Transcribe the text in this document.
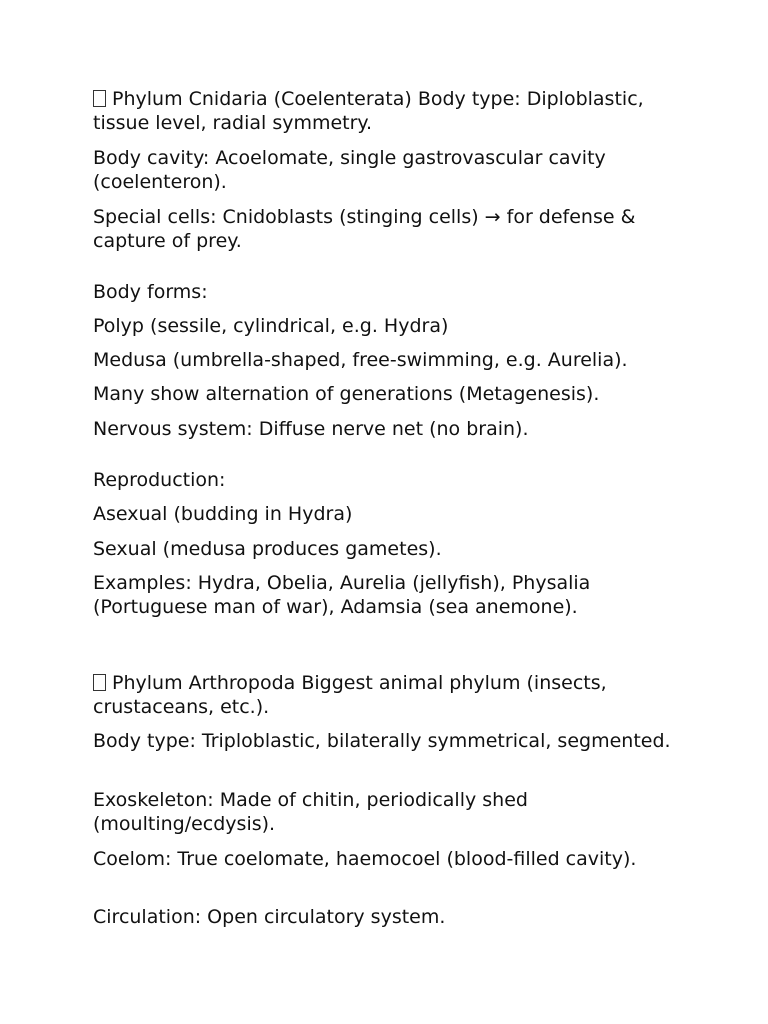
Phylum Cnidaria (Coelenterata) Body type: Diploblastic, tissue level, radial symmetry.

Body cavity: Acoelomate, single gastrovascular cavity (coelenteron).

Special cells: Cnidoblasts (stinging cells) → for defense & capture of prey.

Body forms:

Polyp (sessile, cylindrical, e.g. Hydra)

Medusa (umbrella-shaped, free-swimming, e.g. Aurelia).

Many show alternation of generations (Metagenesis).

Nervous system: Diffuse nerve net (no brain).

Reproduction:

Asexual (budding in Hydra)

Sexual (medusa produces gametes).

Examples: Hydra, Obelia, Aurelia (jellyfish), Physalia (Portuguese man of war), Adamsia (sea anemone).

Phylum Arthropoda Biggest animal phylum (insects, crustaceans, etc.).

Body type: Triploblastic, bilaterally symmetrical, segmented.

Exoskeleton: Made of chitin, periodically shed (moulting/ecdysis).

Coelom: True coelomate, haemocoel (blood-filled cavity).

Circulation: Open circulatory system.
